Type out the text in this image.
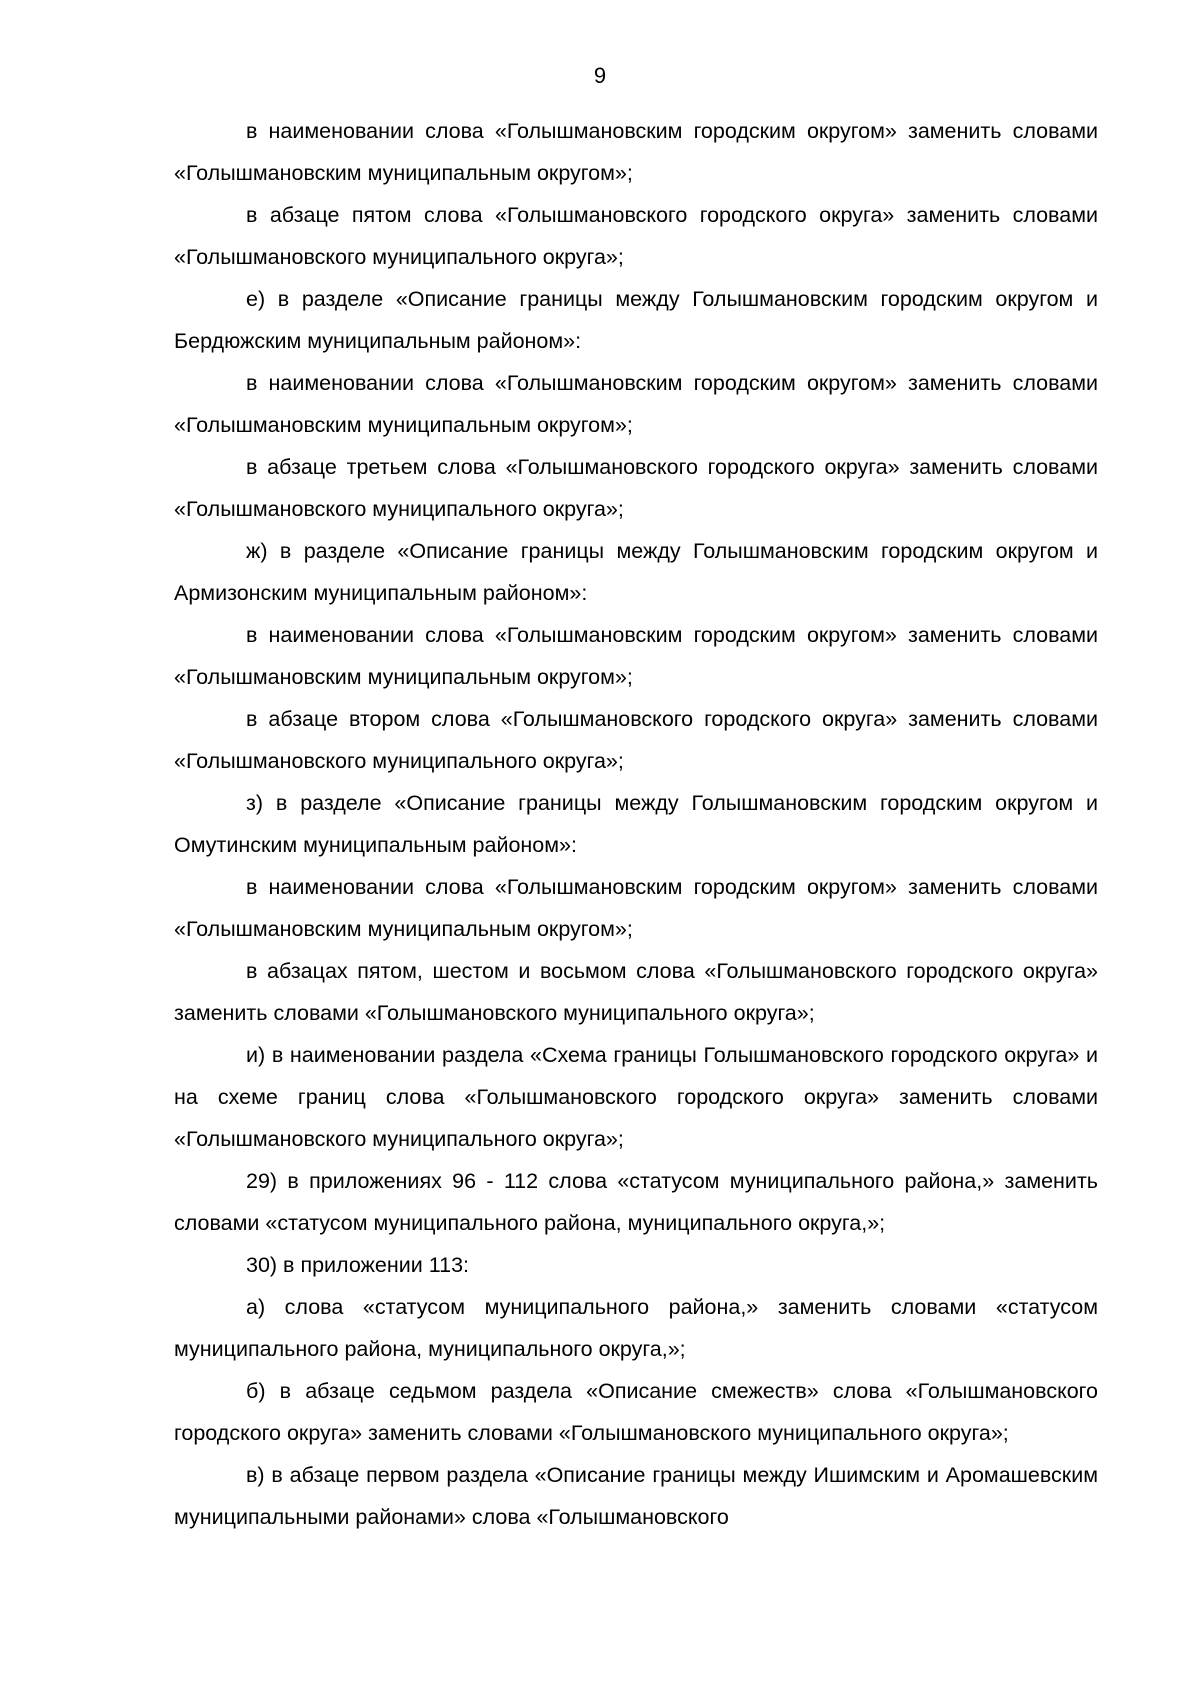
9

в наименовании слова «Голышмановским городским округом» заменить словами «Голышмановским муниципальным округом»;

в абзаце пятом слова «Голышмановского городского округа» заменить словами «Голышмановского муниципального округа»;

е) в разделе «Описание границы между Голышмановским городским округом и Бердюжским муниципальным районом»:

в наименовании слова «Голышмановским городским округом» заменить словами «Голышмановским муниципальным округом»;

в абзаце третьем слова «Голышмановского городского округа» заменить словами «Голышмановского муниципального округа»;

ж) в разделе «Описание границы между Голышмановским городским округом и Армизонским муниципальным районом»:

в наименовании слова «Голышмановским городским округом» заменить словами «Голышмановским муниципальным округом»;

в абзаце втором слова «Голышмановского городского округа» заменить словами «Голышмановского муниципального округа»;

з) в разделе «Описание границы между Голышмановским городским округом и Омутинским муниципальным районом»:

в наименовании слова «Голышмановским городским округом» заменить словами «Голышмановским муниципальным округом»;

в абзацах пятом, шестом и восьмом слова «Голышмановского городского округа» заменить словами «Голышмановского муниципального округа»;

и) в наименовании раздела «Схема границы Голышмановского городского округа» и на схеме границ слова «Голышмановского городского округа» заменить словами «Голышмановского муниципального округа»;

29) в приложениях 96 - 112 слова «статусом муниципального района,» заменить словами «статусом муниципального района, муниципального округа,»;

30) в приложении 113:

а) слова «статусом муниципального района,» заменить словами «статусом муниципального района, муниципального округа,»;

б) в абзаце седьмом раздела «Описание смежеств» слова «Голышмановского городского округа» заменить словами «Голышмановского муниципального округа»;

в) в абзаце первом раздела «Описание границы между Ишимским и Аромашевским муниципальными районами» слова «Голышмановского
